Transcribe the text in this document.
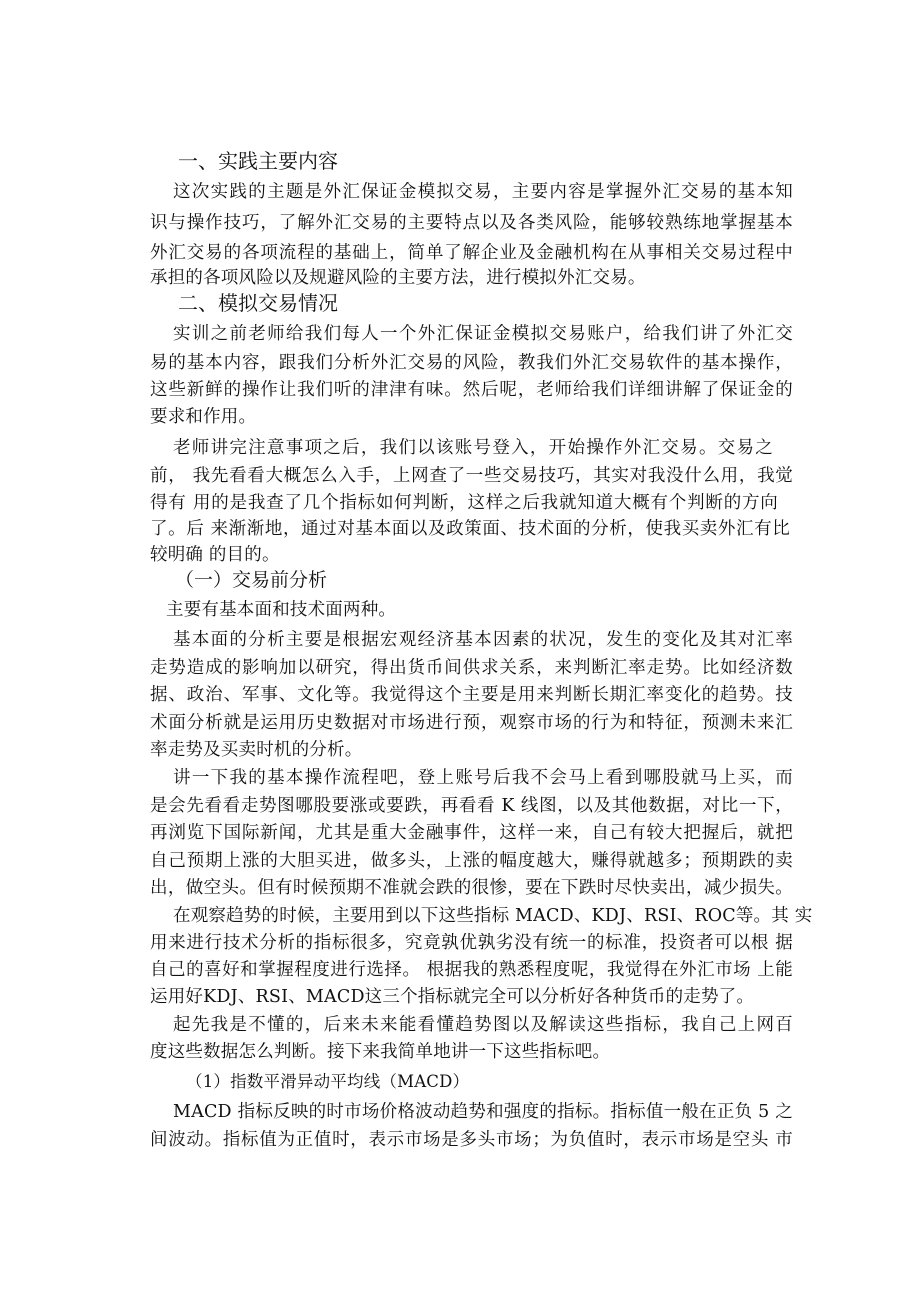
一、实践主要内容

这次实践的主题是外汇保证金模拟交易，主要内容是掌握外汇交易的基本知

识与操作技巧，了解外汇交易的主要特点以及各类风险，能够较熟练地掌握基本

外汇交易的各项流程的基础上，简单了解企业及金融机构在从事相关交易过程中

承担的各项风险以及规避风险的主要方法，进行模拟外汇交易。

二、模拟交易情况

实训之前老师给我们每人一个外汇保证金模拟交易账户，给我们讲了外汇交

易的基本内容，跟我们分析外汇交易的风险，教我们外汇交易软件的基本操作，

这些新鲜的操作让我们听的津津有味。然后呢，老师给我们详细讲解了保证金的

要求和作用。

老师讲完注意事项之后，我们以该账号登入，开始操作外汇交易。交易之

前， 我先看看大概怎么入手，上网查了一些交易技巧，其实对我没什么用，我觉

得有 用的是我查了几个指标如何判断，这样之后我就知道大概有个判断的方向

了。后 来渐渐地，通过对基本面以及政策面、技术面的分析，使我买卖外汇有比

较明确 的目的。

（一）交易前分析

主要有基本面和技术面两种。

基本面的分析主要是根据宏观经济基本因素的状况，发生的变化及其对汇率

走势造成的影响加以研究，得出货币间供求关系，来判断汇率走势。比如经济数

据、政治、军事、文化等。我觉得这个主要是用来判断长期汇率变化的趋势。技

术面分析就是运用历史数据对市场进行预，观察市场的行为和特征，预测未来汇

率走势及买卖时机的分析。

讲一下我的基本操作流程吧，登上账号后我不会马上看到哪股就马上买，而

是会先看看走势图哪股要涨或要跌，再看看 K 线图，以及其他数据，对比一下，

再浏览下国际新闻，尤其是重大金融事件，这样一来，自己有较大把握后，就把

自己预期上涨的大胆买进，做多头，上涨的幅度越大，赚得就越多；预期跌的卖

出，做空头。但有时候预期不准就会跌的很惨，要在下跌时尽快卖出，减少损失。

在观察趋势的时候，主要用到以下这些指标 MACD、KDJ、RSI、ROC等。其 实

用来进行技术分析的指标很多，究竟孰优孰劣没有统一的标准，投资者可以根 据

自己的喜好和掌握程度进行选择。 根据我的熟悉程度呢，我觉得在外汇市场 上能

运用好KDJ、RSI、MACD这三个指标就完全可以分析好各种货币的走势了。

起先我是不懂的，后来未来能看懂趋势图以及解读这些指标，我自己上网百

度这些数据怎么判断。接下来我简单地讲一下这些指标吧。

（1）指数平滑异动平均线（MACD）

MACD 指标反映的时市场价格波动趋势和强度的指标。指标值一般在正负 5 之

间波动。指标值为正值时，表示市场是多头市场；为负值时，表示市场是空头 市
